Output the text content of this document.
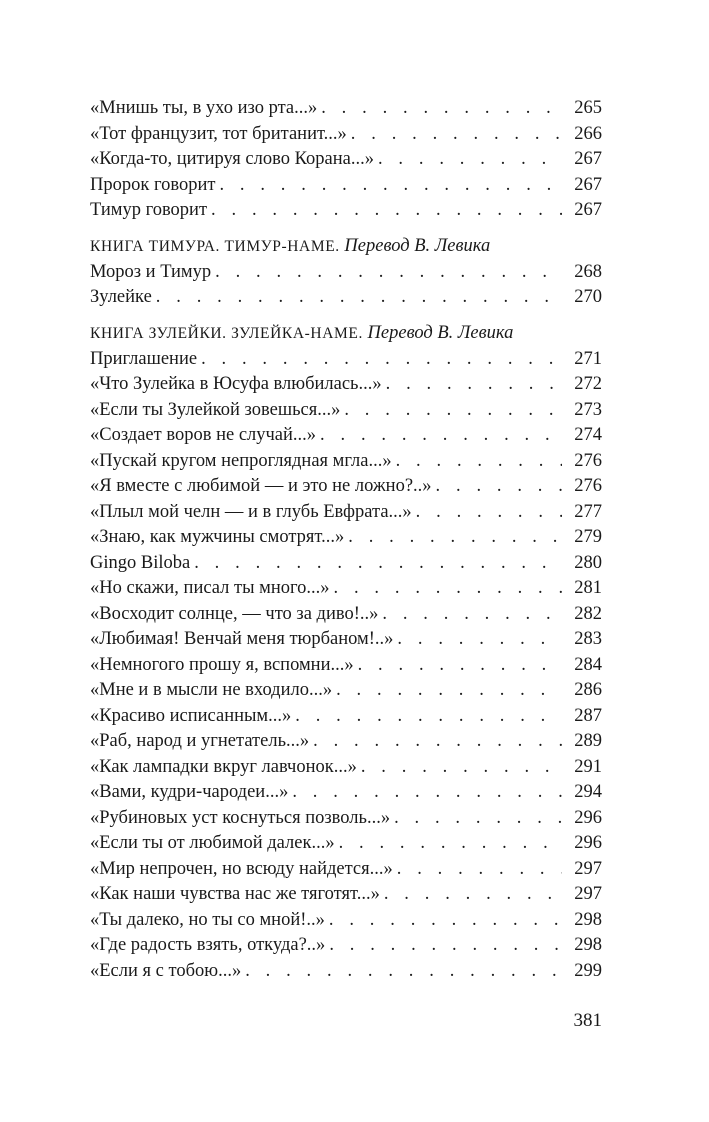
«Мнишь ты, в ухо изо рта...» . . .	265
«Тот французит, тот британит...» . . .	266
«Когда-то, цитируя слово Корана...» . . .	267
Пророк говорит . . .	267
Тимур говорит . . .	267
КНИГА ТИМУРА. ТИМУР-НАМЕ. Перевод В. Левика
Мороз и Тимур . . .	268
Зулейке . . .	270
КНИГА ЗУЛЕЙКИ. ЗУЛЕЙКА-НАМЕ. Перевод В. Левика
Приглашение . . .	271
«Что Зулейка в Юсуфа влюбилась...» . . .	272
«Если ты Зулейкой зовешься...» . . .	273
«Создает воров не случай...» . . .	274
«Пускай кругом непроглядная мгла...» . . .	276
«Я вместе с любимой — и это не ложно?..» . . .	276
«Плыл мой челн — и в глубь Евфрата...» . . .	277
«Знаю, как мужчины смотрят...» . . .	279
Gingo Biloba . . .	280
«Но скажи, писал ты много...» . . .	281
«Восходит солнце, — что за диво!..» . . .	282
«Любимая! Венчай меня тюрбаном!..» . . .	283
«Немногого прошу я, вспомни...» . . .	284
«Мне и в мысли не входило...» . . .	286
«Красиво исписанным...» . . .	287
«Раб, народ и угнетатель...» . . .	289
«Как лампадки вкруг лавчонок...» . . .	291
«Вами, кудри-чародеи...» . . .	294
«Рубиновых уст коснуться позволь...» . . .	296
«Если ты от любимой далек...» . . .	296
«Мир непрочен, но всюду найдется...» . . .	297
«Как наши чувства нас же тяготят...» . . .	297
«Ты далеко, но ты со мной!..» . . .	298
«Где радость взять, откуда?..» . . .	298
«Если я с тобою...» . . .	299
381
